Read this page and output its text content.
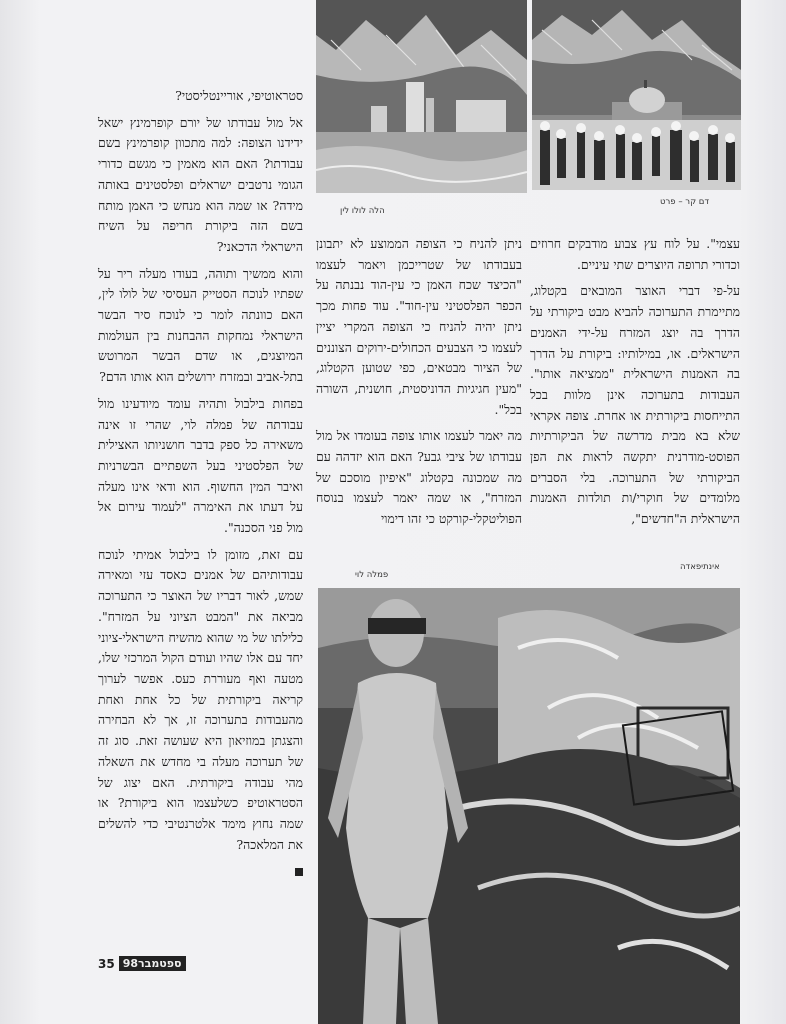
דם קר – פרט
הלה לולו לין

עצמי". על לוח עץ צבוע מודבקים חרוזים וכדורי תרופה היוצרים שתי עיניים.

על-פי דברי האוצר המובאים בקטלוג, מתיימרת התערוכה להביא מבט ביקורתי על הדרך בה יוצג המזרח על-ידי האמנים הישראלים. או, במילותיו: ביקורת על הדרך בה האמנות הישראלית "ממציאה אותו". העבודות בתערוכה אינן מלוות בכל התייחסות ביקורתית או אחרת. צופה אקראי שלא בא מבית מדרשה של הביקורתיות הפוסט-מודרנית יתקשה לראות את הפן הביקורתי של התערוכה. בלי הסברים מלומדים של חוקרי/ות תולדות האמנות הישראלית ה"חדשים",

ניתן להניח כי הצופה הממוצע לא יתבונן בעבודתו של שטרייכמן ויאמר לעצמו "הכיצד שכח האמן כי עין-הוד נבנתה על הכפר הפלסטיני עין-חוד". עוד פחות מכך ניתן יהיה להניח כי הצופה המקרי יציין לעצמו כי הצבעים הכחולים-ירוקים הצוננים של הציור מבטאים, כפי שטוען הקטלוג, "מעין חגיגיות הדוניסטית, חושנית, השורה בכל".

מה יאמר לעצמו אותו צופה בעומדו אל מול עבודתו של ציבי גבע? האם הוא יזדהה עם מה שמכונה בקטלוג "איפיון מוסכם של המזרח", או שמה יאמר לעצמו בנוסח הפוליטקלי-קורקט כי זהו דימוי

סטראוטיפי, אוריינטליסטי?

אל מול עבודתו של יורם קופרמינץ ישאל ידידנו הצופה: למה מתכוון קופרמינץ בשם עבודתו? האם הוא מאמין כי מגשם כדורי הגומי נרטבים ישראלים ופלסטינים באותה מידה? או שמה הוא מנחש כי האמן מותח בשם הזה ביקורת חריפה על השיח הישראלי הדכאני?

והוא ממשיך ותוהה, בעודו מעלה ריר על שפתיו לנוכח הסטייק העסיסי של לולו לין, האם כוונתה לומר כי לנוכח סיר הבשר הישראלי נמחקות ההבחנות בין העולמות המיוצגים, או שדם הבשר המרוטש בתל-אביב ובמזרח ירושלים הוא אותו הדם?

בפחות בילבול ותהיה עומד מיודעינו מול עבודתה של פמלה לוי, שהרי זו אינה משאירה כל ספק בדבר חושניותו האצילית של הפלסטיני בעל השפתיים הבשרניות ואיבר המין החשוף. הוא ודאי אינו מעלה על דעתו את האימרה "לעמוד עירום אל מול פני הסכנה".

עם זאת, מזומן לו בילבול אמיתי לנוכח עבודותיהם של אמנים כאסד עזי ומאירה שמש, לאור דבריו של האוצר כי התערוכה מביאה את "המבט הציוני על המזרח". כלילתו של מי שהוא מהשיח הישראלי-ציוני יחד עם אלו שהיו ועודם הקול המרכזי שלו, מטעה ואף מעוררת כעס. אפשר לערוך קריאה ביקורתית של כל אחת ואחת מהעבודות בתערוכה זו, אך לא הבחירה והצגתן במוזיאון היא שעושה זאת. סוג זה של תערוכה מעלה בי מחדש את השאלה מהי עבודה ביקורתית. האם יצוג של הסטראוטיפ כשלעצמו הוא ביקורת? או שמה נחוץ מימד אלטרנטיבי כדי להשלים את המלאכה?

אינתיפאדה
פמלה לוי
35	ספטמבר98
